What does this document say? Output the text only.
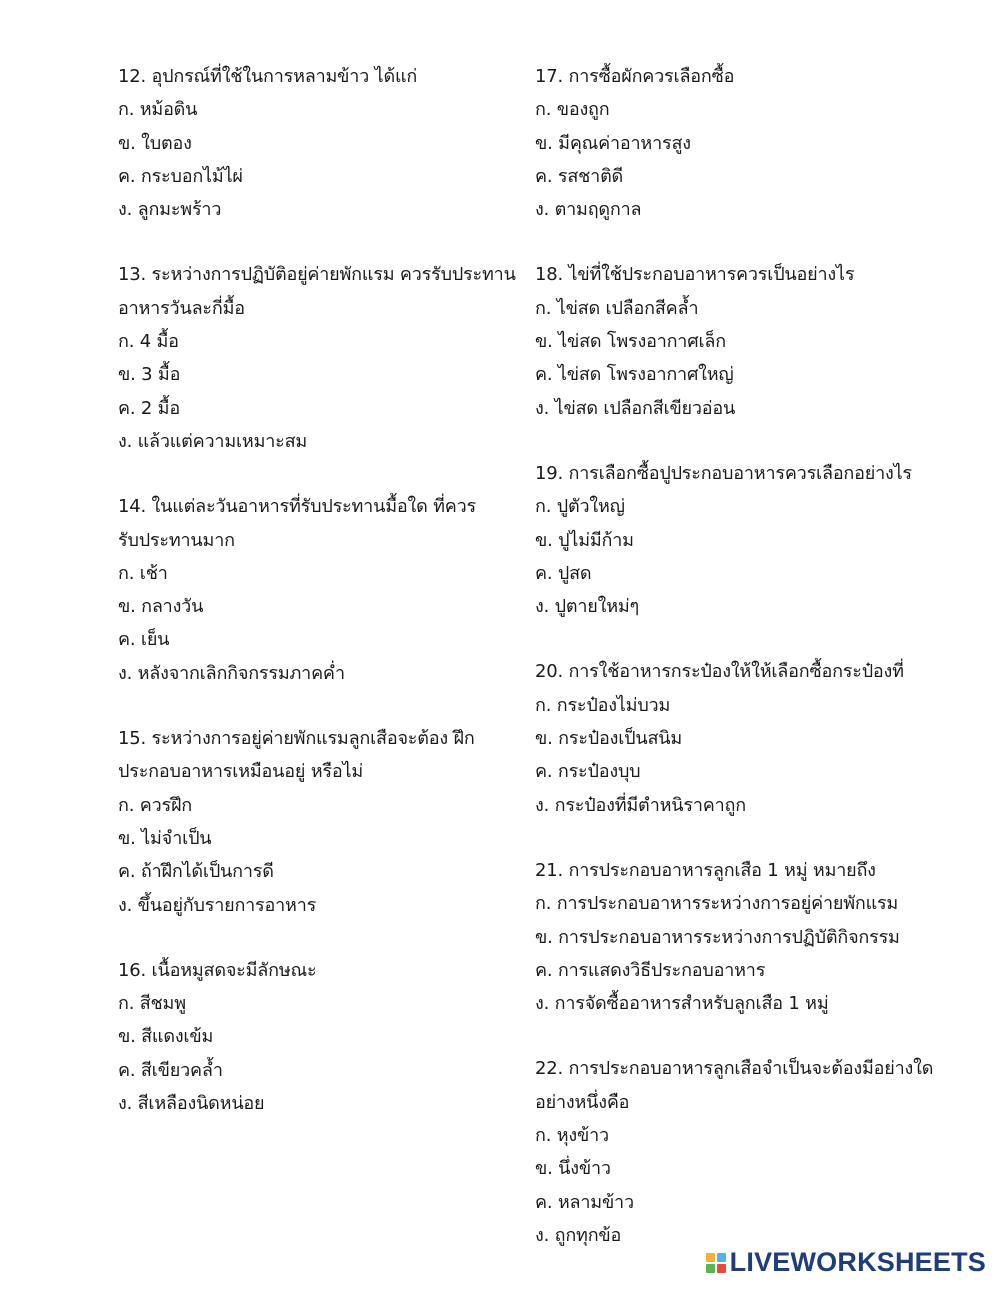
12. อุปกรณ์ที่ใช้ในการหลามข้าว ได้แก่
ก. หม้อดิน
ข. ใบตอง
ค. กระบอกไม้ไผ่
ง. ลูกมะพร้าว
13. ระหว่างการปฏิบัติอยู่ค่ายพักแรม ควรรับประทาน
อาหารวันละกี่มื้อ
ก. 4 มื้อ
ข. 3 มื้อ
ค. 2 มื้อ
ง. แล้วแต่ความเหมาะสม
14. ในแต่ละวันอาหารที่รับประทานมื้อใด ที่ควร
รับประทานมาก
ก. เช้า
ข. กลางวัน
ค. เย็น
ง. หลังจากเลิกกิจกรรมภาคค่ำ
15. ระหว่างการอยู่ค่ายพักแรมลูกเสือจะต้อง ฝึก
ประกอบอาหารเหมือนอยู่ หรือไม่
ก. ควรฝึก
ข. ไม่จำเป็น
ค. ถ้าฝึกได้เป็นการดี
ง. ขึ้นอยู่กับรายการอาหาร
16. เนื้อหมูสดจะมีลักษณะ
ก. สีชมพู
ข. สีแดงเข้ม
ค. สีเขียวคล้ำ
ง. สีเหลืองนิดหน่อย
17. การซื้อผักควรเลือกซื้อ
ก. ของถูก
ข. มีคุณค่าอาหารสูง
ค. รสชาติดี
ง. ตามฤดูกาล
18. ไข่ที่ใช้ประกอบอาหารควรเป็นอย่างไร
ก. ไข่สด เปลือกสีคล้ำ
ข. ไข่สด โพรงอากาศเล็ก
ค. ไข่สด โพรงอากาศใหญ่
ง. ไข่สด เปลือกสีเขียวอ่อน
19. การเลือกซื้อปูประกอบอาหารควรเลือกอย่างไร
ก. ปูตัวใหญ่
ข. ปูไม่มีก้าม
ค. ปูสด
ง. ปูตายใหม่ๆ
20. การใช้อาหารกระป๋องให้ให้เลือกซื้อกระป๋องที่
ก. กระป๋องไม่บวม
ข. กระป๋องเป็นสนิม
ค. กระป๋องบุบ
ง. กระป๋องที่มีตำหนิราคาถูก
21. การประกอบอาหารลูกเสือ 1 หมู่ หมายถึง
ก. การประกอบอาหารระหว่างการอยู่ค่ายพักแรม
ข. การประกอบอาหารระหว่างการปฏิบัติกิจกรรม
ค. การแสดงวิธีประกอบอาหาร
ง. การจัดซื้ออาหารสำหรับลูกเสือ 1 หมู่
22. การประกอบอาหารลูกเสือจำเป็นจะต้องมีอย่างใด
อย่างหนึ่งคือ
ก. หุงข้าว
ข. นึ่งข้าว
ค. หลามข้าว
ง. ถูกทุกข้อ
LIVEWORKSHEETS
